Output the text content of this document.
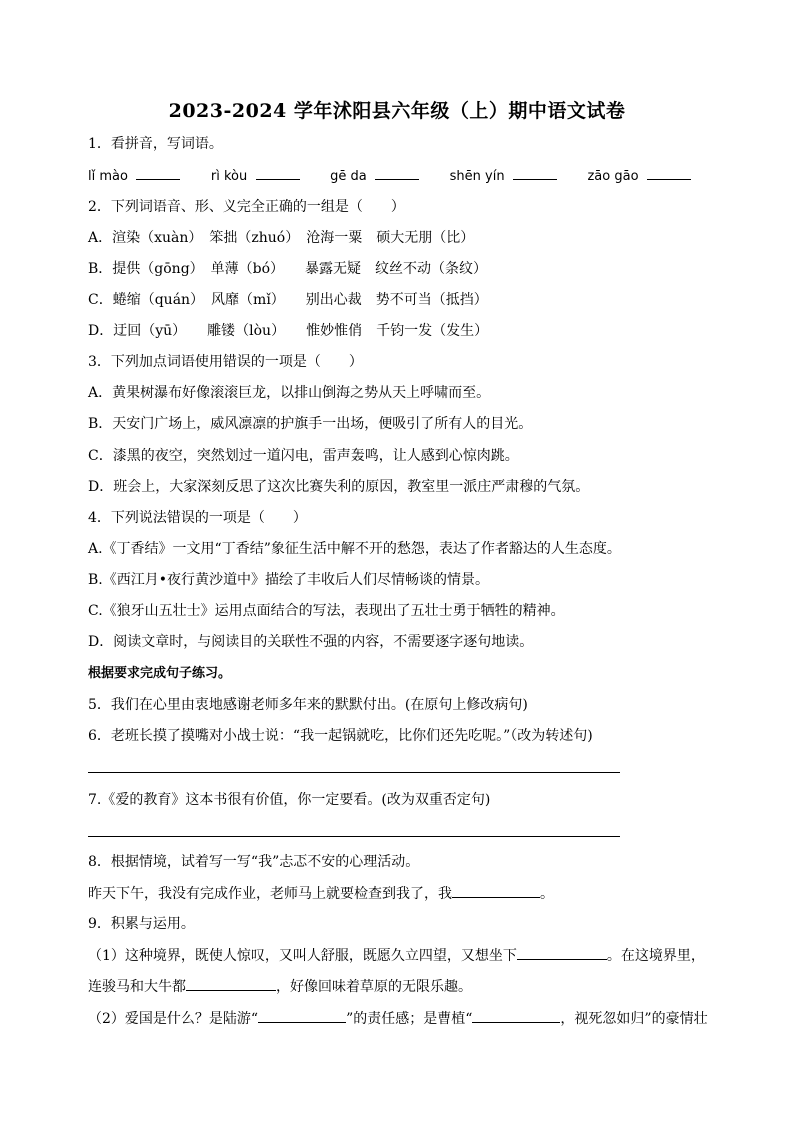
2023-2024 学年沭阳县六年级（上）期中语文试卷
1．看拼音，写词语。
lǐ mào	rì kòu	gē da	shēn yín	zāo gāo
2．下列词语音、形、义完全正确的一组是（　　）
A．渲染（xuàn）　笨拙（zhuó）　沧海一粟　硕大无朋（比）
B．提供（gōng）　单薄（bó）　　暴露无疑　纹丝不动（条纹）
C．蜷缩（quán）　风靡（mǐ）　　别出心裁　势不可当（抵挡）
D．迂回（yū）　　雕镂（lòu）　　惟妙惟俏　千钧一发（发生）
3．下列加点词语使用错误的一项是（　　）
A．黄果树瀑布好像滚滚巨龙，以排山倒海之势从天上呼啸而至。
B．天安门广场上，威风凛凛的护旗手一出场，便吸引了所有人的目光。
C．漆黑的夜空，突然划过一道闪电，雷声轰鸣，让人感到心惊肉跳。
D．班会上，大家深刻反思了这次比赛失利的原因，教室里一派庄严肃穆的气氛。
4．下列说法错误的一项是（　　）
A.《丁香结》一文用“丁香结”象征生活中解不开的愁怨，表达了作者豁达的人生态度。
B.《西江月•夜行黄沙道中》描绘了丰收后人们尽情畅谈的情景。
C.《狼牙山五壮士》运用点面结合的写法，表现出了五壮士勇于牺牲的精神。
D．阅读文章时，与阅读目的关联性不强的内容，不需要逐字逐句地读。
根据要求完成句子练习。
5．我们在心里由衷地感谢老师多年来的默默付出。(在原句上修改病句)
6．老班长摸了摸嘴对小战士说：“我一起锅就吃，比你们还先吃呢。”（改为转述句)
7.《爱的教育》这本书很有价值，你一定要看。(改为双重否定句)
8．根据情境，试着写一写“我”忐忑不安的心理活动。
昨天下午，我没有完成作业，老师马上就要检查到我了，我	。
9．积累与运用。
（1）这种境界，既使人惊叹，又叫人舒服，既愿久立四望，又想坐下	。在这境界里，
连骏马和大牛都	，好像回味着草原的无限乐趣。
（2）爱国是什么？是陆游“	”的责任感；是曹植“	，视死忽如归”的豪情壮
